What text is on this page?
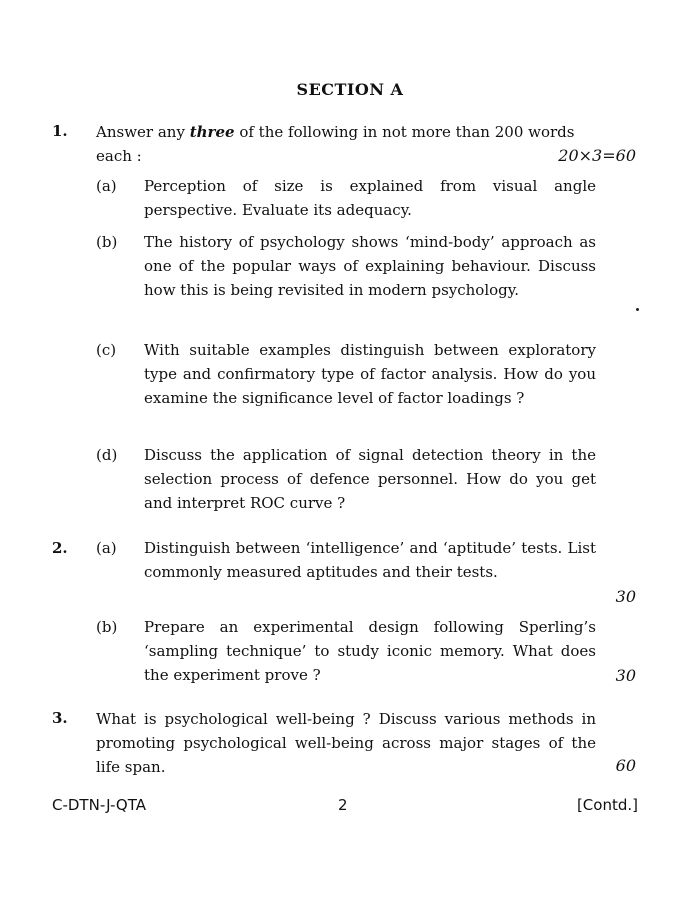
SECTION A
1. Answer any three of the following in not more than 200 words each :	20×3=60
(a) Perception of size is explained from visual angle perspective. Evaluate its adequacy.
(b) The history of psychology shows ‘mind-body’ approach as one of the popular ways of explaining behaviour. Discuss how this is being revisited in modern psychology.
(c) With suitable examples distinguish between exploratory type and confirmatory type of factor analysis. How do you examine the significance level of factor loadings ?
(d) Discuss the application of signal detection theory in the selection process of defence personnel. How do you get and interpret ROC curve ?
2. (a) Distinguish between ‘intelligence’ and ‘aptitude’ tests. List commonly measured aptitudes and their tests.
30
(b) Prepare an experimental design following Sperling’s ‘sampling technique’ to study iconic memory. What does the experiment prove ?	30
3. What is psychological well-being ? Discuss various methods in promoting psychological well-being across major stages of the life span.	60
C-DTN-J-QTA	2	[Contd.]
